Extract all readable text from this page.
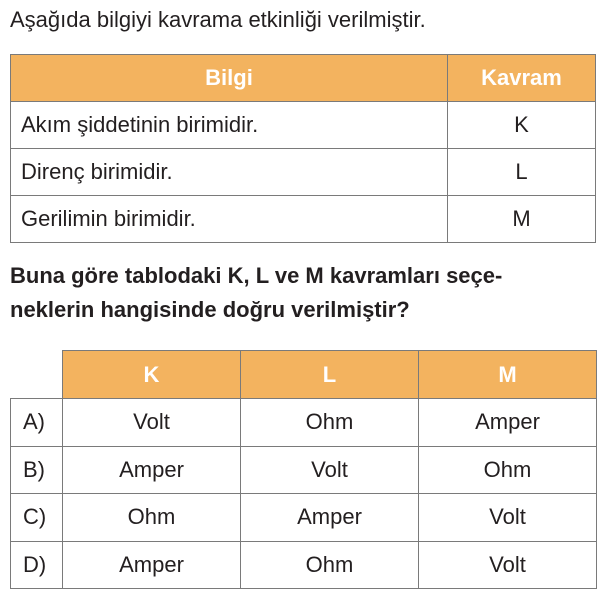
Aşağıda bilgiyi kavrama etkinliği verilmiştir.
Bilgi	Kavram
Akım şiddetinin birimidir.	K
Direnç birimidir.	L
Gerilimin birimidir.	M
Buna göre tablodaki K, L ve M kavramları seçe-
neklerin hangisinde doğru verilmiştir?
	K	L	M
A)	Volt	Ohm	Amper
B)	Amper	Volt	Ohm
C)	Ohm	Amper	Volt
D)	Amper	Ohm	Volt
